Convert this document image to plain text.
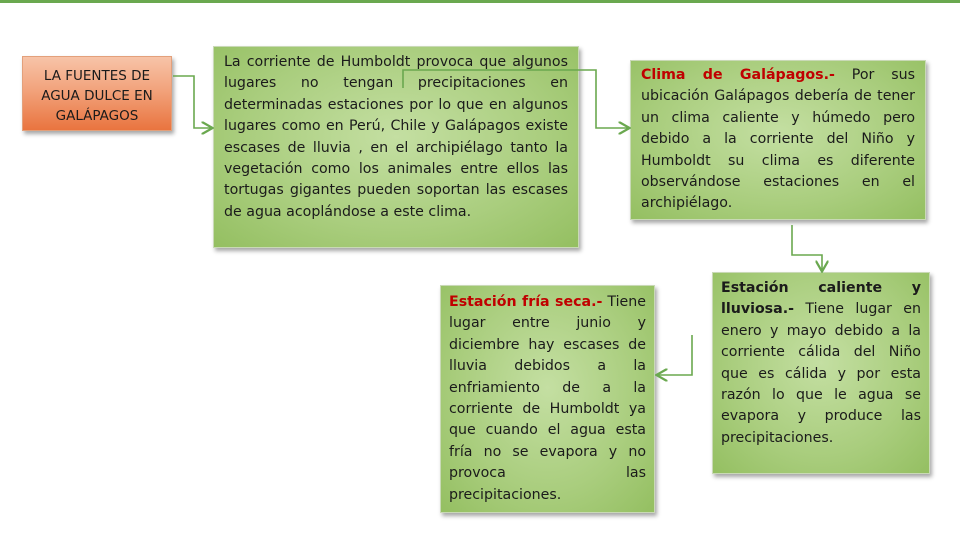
LA FUENTES DE AGUA DULCE EN GALÁPAGOS
La corriente de Humboldt provoca que algunos lugares no tengan precipitaciones en determinadas estaciones por lo que en algunos lugares como en Perú, Chile y Galápagos existe escases de lluvia , en el archipiélago tanto la vegetación como los animales entre ellos las tortugas gigantes pueden soportan las escases de agua acoplándose a este clima.
Clima de Galápagos.- Por sus ubicación Galápagos debería de tener un clima caliente y húmedo pero debido a la corriente del Niño y Humboldt su clima es diferente observándose estaciones en el archipiélago.
Estación caliente y lluviosa.- Tiene lugar en enero y mayo debido a la corriente cálida del Niño que es cálida y por esta razón lo que le agua se evapora y produce las precipitaciones.
Estación fría seca.- Tiene lugar entre junio y diciembre hay escases de lluvia debidos a la enfriamiento de a la corriente de Humboldt ya que cuando el agua esta fría no se evapora y no provoca las precipitaciones.
